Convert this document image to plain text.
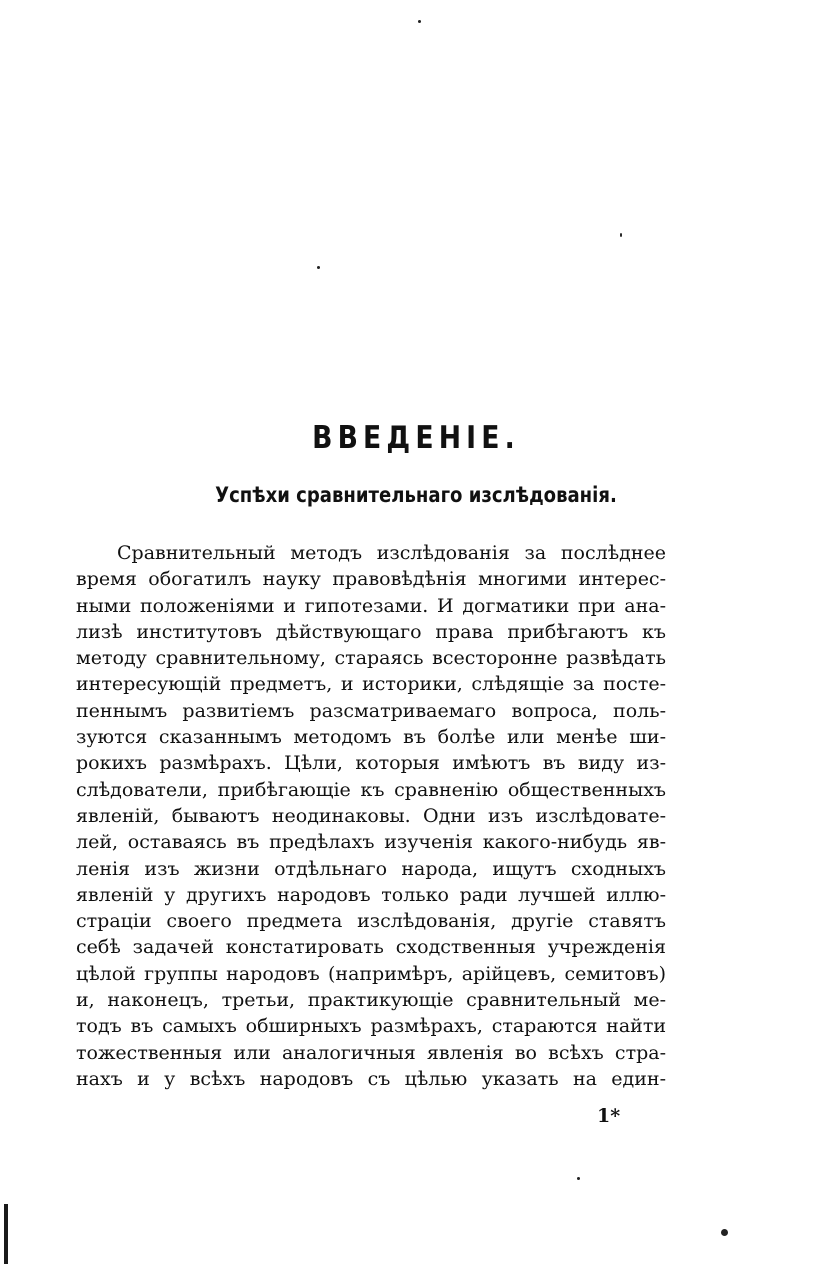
ВВЕДЕНІЕ.
Успѣхи сравнительнаго изслѣдованія.
Сравнительный методъ изслѣдованія за послѣднее
время обогатилъ науку правовѣдѣнія многими интерес-
ными положеніями и гипотезами. И догматики при ана-
лизѣ институтовъ дѣйствующаго права прибѣгаютъ къ
методу сравнительному, стараясь всесторонне развѣдать
интересующій предметъ, и историки, слѣдящіе за посте-
пеннымъ развитіемъ разсматриваемаго вопроса, поль-
зуются сказаннымъ методомъ въ болѣе или менѣе ши-
рокихъ размѣрахъ. Цѣли, которыя имѣютъ въ виду из-
слѣдователи, прибѣгающіе къ сравненію общественныхъ
явленій, бываютъ неодинаковы. Одни изъ изслѣдовате-
лей, оставаясь въ предѣлахъ изученія какого-нибудь яв-
ленія изъ жизни отдѣльнаго народа, ищутъ сходныхъ
явленій у другихъ народовъ только ради лучшей иллю-
страціи своего предмета изслѣдованія, другіе ставятъ
себѣ задачей констатировать сходственныя учрежденія
цѣлой группы народовъ (напримѣръ, арійцевъ, семитовъ)
и, наконецъ, третьи, практикующіе сравнительный ме-
тодъ въ самыхъ обширныхъ размѣрахъ, стараются найти
тожественныя или аналогичныя явленія во всѣхъ стра-
нахъ и у всѣхъ народовъ съ цѣлью указать на един-
1*
